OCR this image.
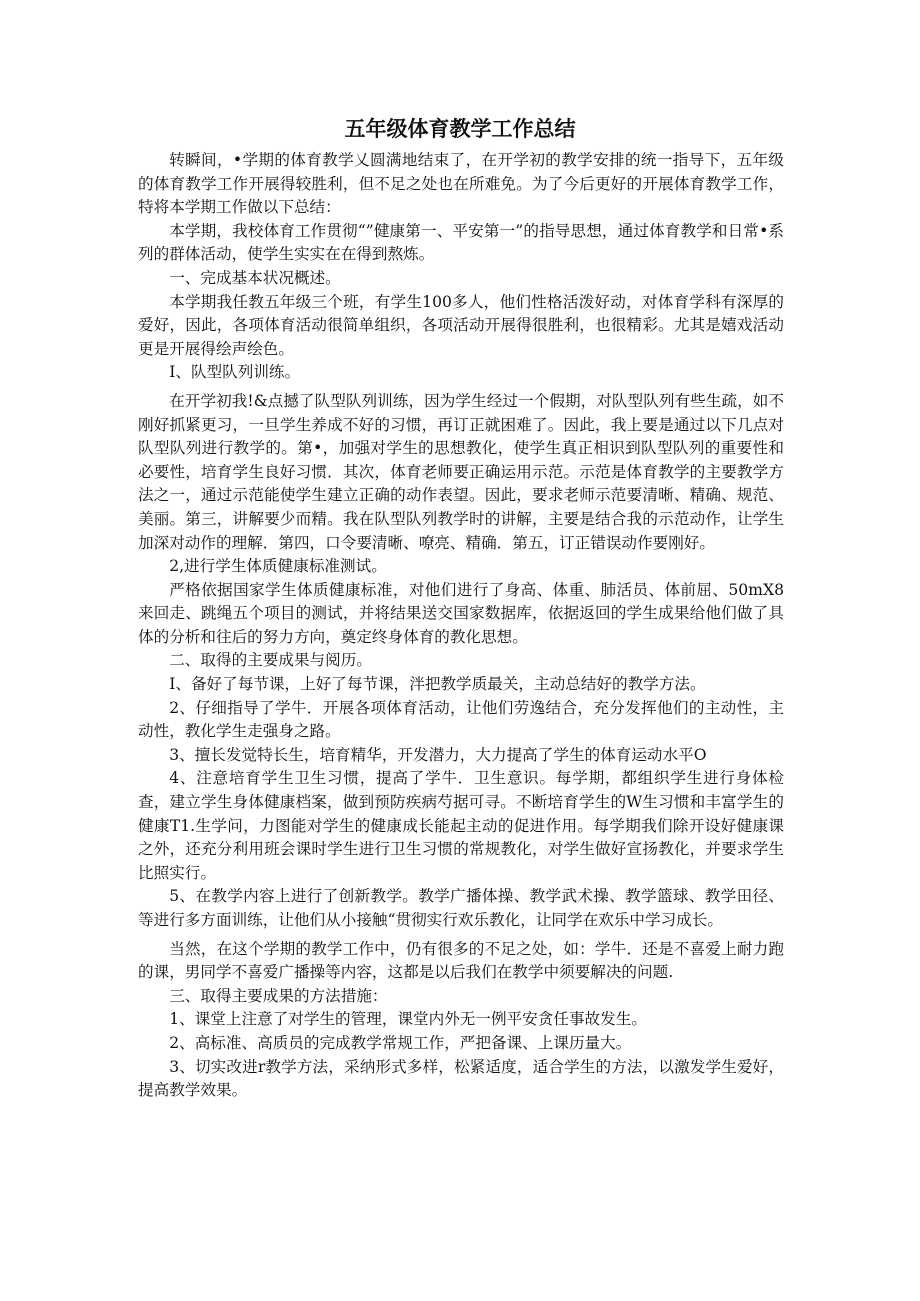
五年级体育教学工作总结

转瞬间，•学期的体育教学乂圆满地结束了，在开学初的教学安排的统一指导下，五年级的体育教学工作开展得较胜利，但不足之处也在所难免。为了今后更好的开展体育教学工作，特将本学期工作做以下总结：

本学期，我校体育工作贯彻“”健康第一、平安第一”的指导思想，通过体育教学和日常•系列的群体活动，使学生实实在在得到熬炼。

一、完成基本状况概述。

本学期我任教五年级三个班，有学生100多人，他们性格活泼好动，对体育学科有深厚的爱好，因此，各项体育活动很简单组织，各项活动开展得很胜利，也很精彩。尤其是嬉戏活动更是开展得绘声绘色。

I、队型队列训练。

在开学初我!&点撼了队型队列训练，因为学生经过一个假期，对队型队列有些生疏，如不刚好抓紧更习，一旦学生养成不好的习惯，再订正就困难了。因此，我上要是通过以下几点对队型队列进行教学的。第•，加强对学生的思想教化，使学生真正相识到队型队列的重要性和必要性，培育学生良好习惯．其次，体育老师要正确运用示范。示范是体育教学的主要教学方法之一，通过示范能使学生建立正确的动作表望。因此，要求老师示范要清晰、精确、规范、美丽。第三，讲解要少而精。我在队型队列教学时的讲解，主要是结合我的示范动作，让学生加深对动作的理解．第四，口令要清晰、嘹亮、精确．第五，订正错误动作要刚好。

2,进行学生体质健康标准测试。

严格依据国家学生体质健康标准，对他们进行了身高、体重、肺活员、体前屈、50mX8来回走、跳绳五个项目的测试，并将结果送交国家数据库，依据返回的学生成果给他们做了具体的分析和往后的努力方向，奠定终身体育的教化思想。

二、取得的主要成果与阅历。

I、备好了每节课，上好了每节课，泮把教学质最关，主动总结好的教学方法。

2、仔细指导了学牛．开展各项体育活动，让他们劳逸结合，充分发挥他们的主动性，主动性，教化学生走强身之路。

3、擅长发觉特长生，培育精华，开发潜力，大力提高了学生的体育运动水平O

4、注意培育学生卫生习惯，提高了学牛．卫生意识。每学期，都组织学生进行身体检查，建立学生身体健康档案，做到预防疾病芍据可寻。不断培育学生的W生习惯和丰富学生的健康T1.生学问，力图能对学生的健康成长能起主动的促进作用。每学期我们除开设好健康课之外，还充分利用班会课时学生进行卫生习惯的常规教化，对学生做好宣扬教化，并要求学生比照实行。

5、在教学内容上进行了创新教学。教学广播体操、教学武术操、教学篮球、教学田径、等进行多方面训练，让他们从小接触“贯彻实行欢乐教化，让同学在欢乐中学习成长。

当然，在这个学期的教学工作中，仍有很多的不足之处，如：学牛．还是不喜爱上耐力跑的课，男同学不喜爱广播操等内容，这都是以后我们在教学中须要解决的问题.

三、取得主要成果的方法措施：

1、课堂上注意了对学生的管理，课堂内外无一例平安贪任事故发生。

2、高标准、高质员的完成教学常规工作，严把备课、上课历量大。

3、切实改进r教学方法，采纳形式多样，松紧适度，适合学生的方法，以激发学生爱好，提高教学效果。
